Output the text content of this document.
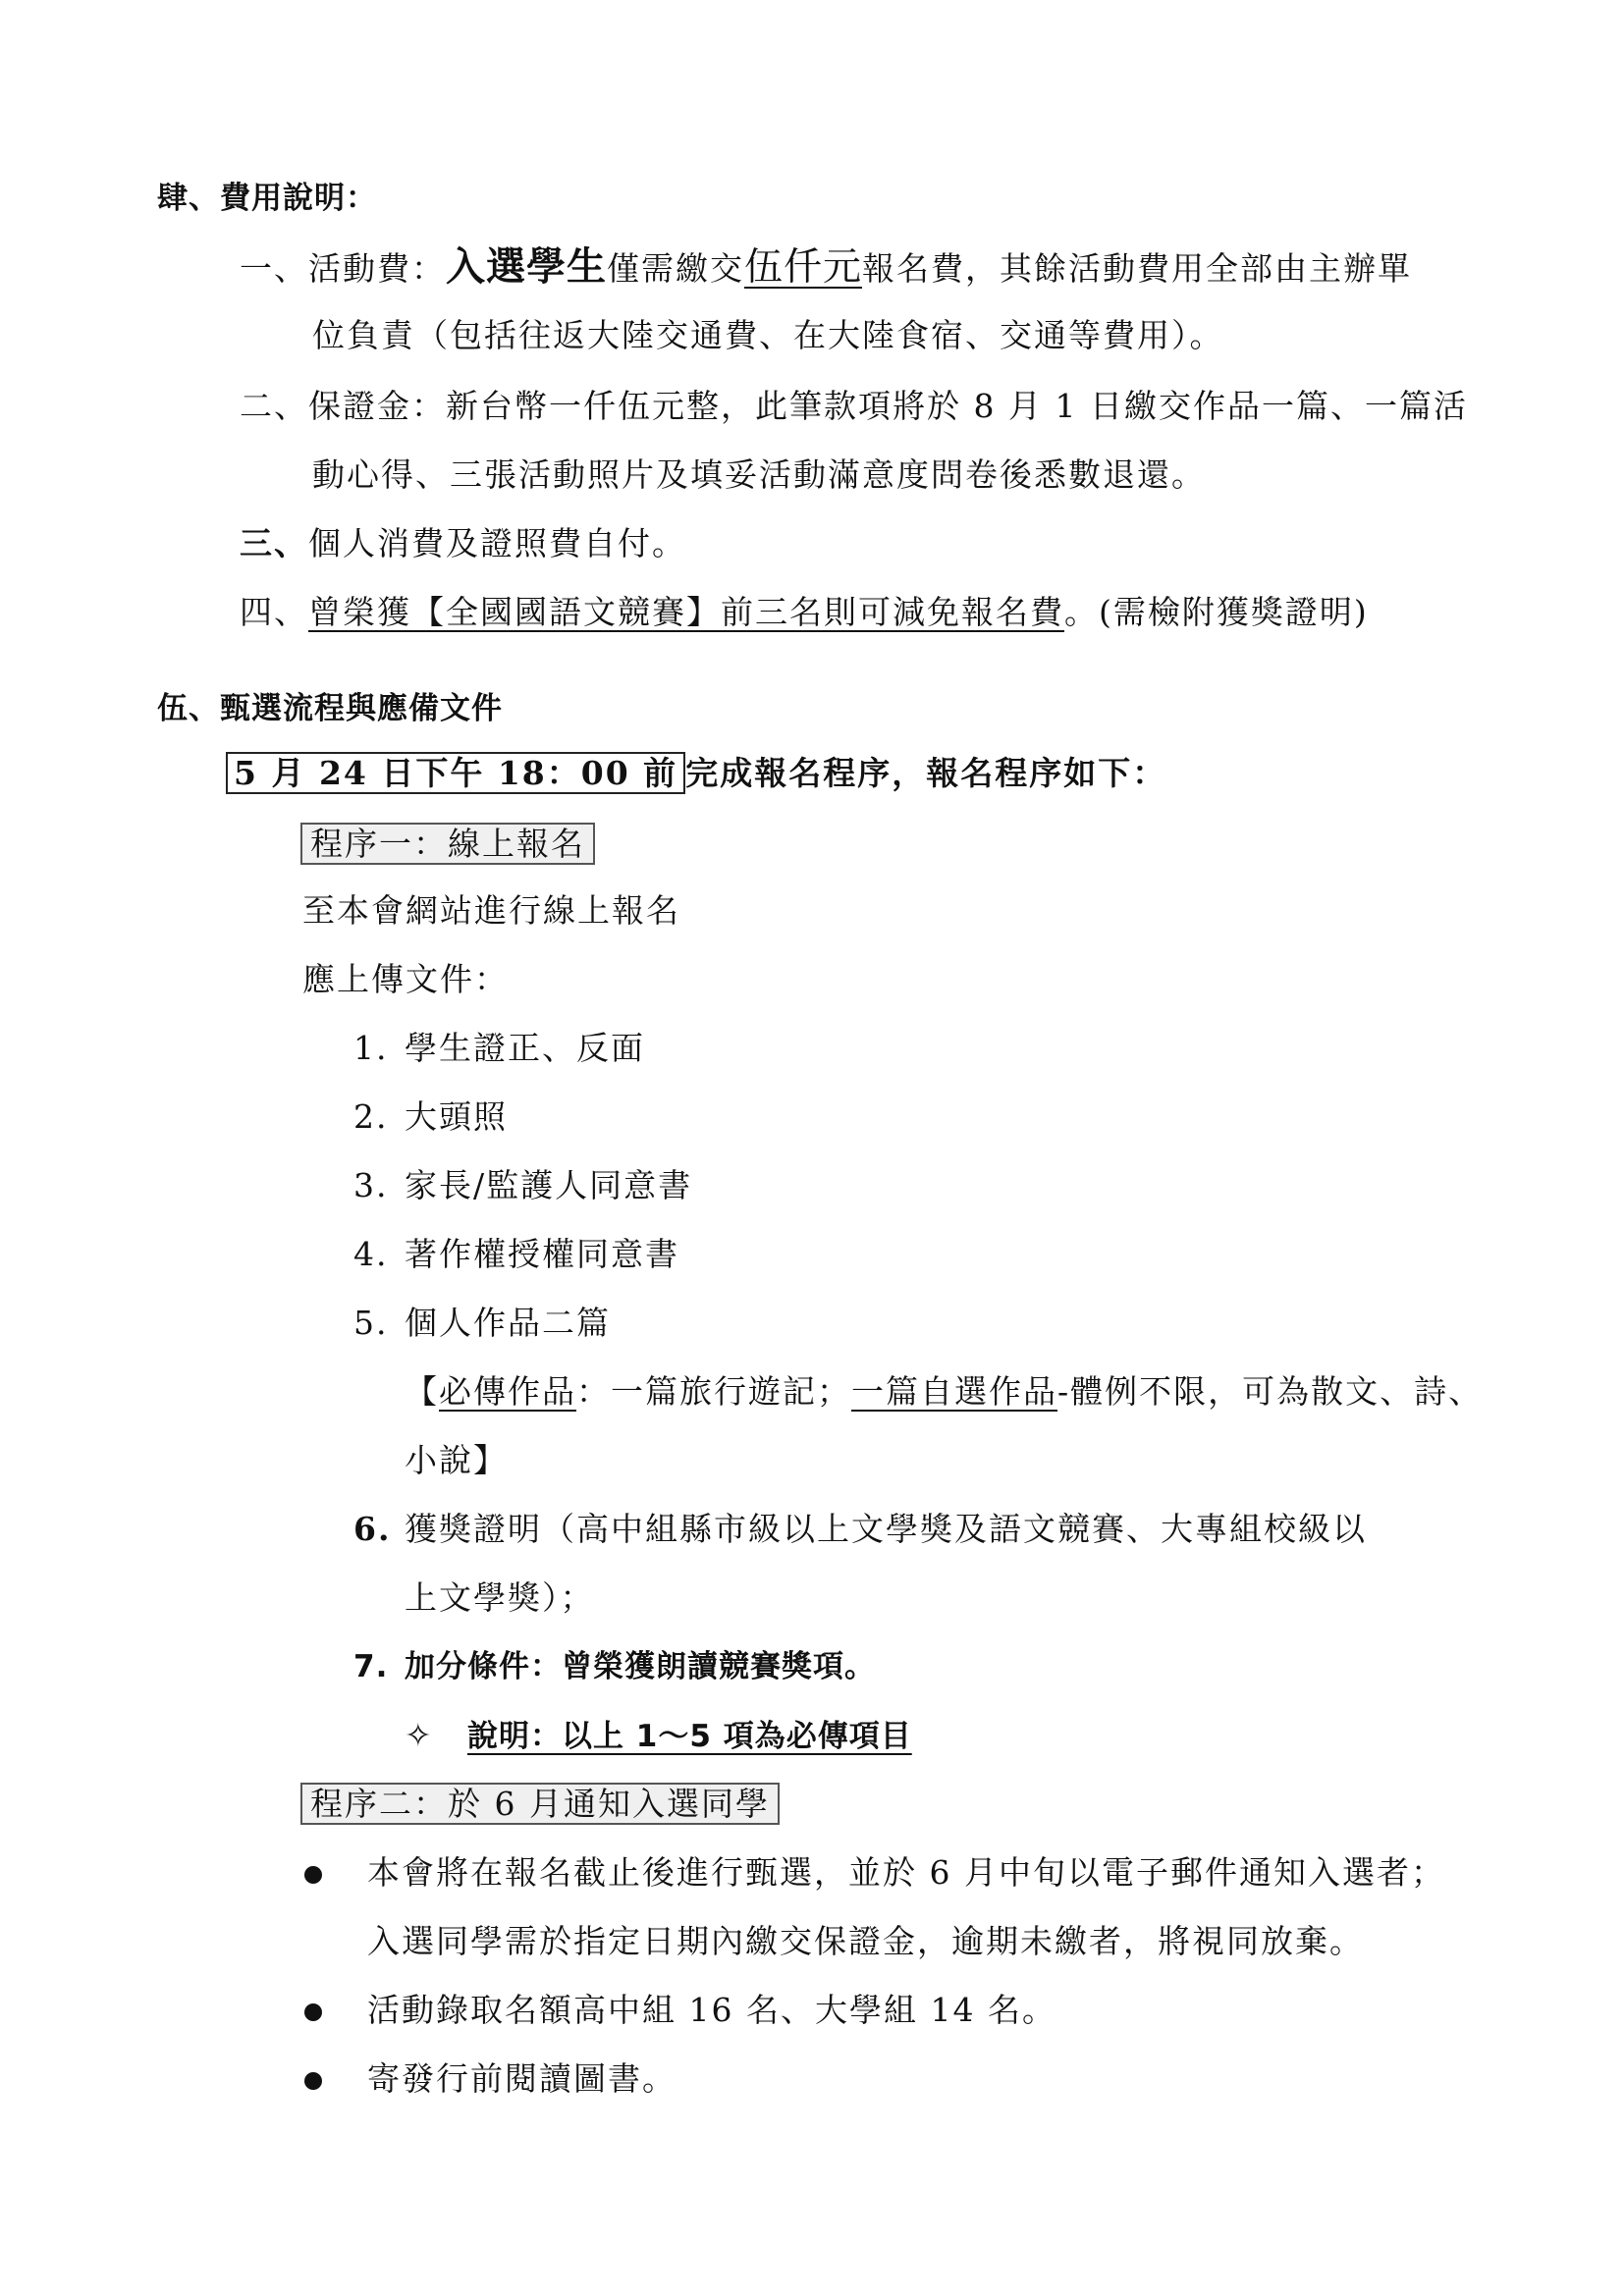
肆、費用說明：
一、活動費：入選學生僅需繳交伍仟元報名費，其餘活動費用全部由主辦單
位負責（包括往返大陸交通費、在大陸食宿、交通等費用）。
二、保證金：新台幣一仟伍元整，此筆款項將於 8 月 1 日繳交作品一篇、一篇活
動心得、三張活動照片及填妥活動滿意度問卷後悉數退還。
三、個人消費及證照費自付。
四、曾榮獲【全國國語文競賽】前三名則可減免報名費。(需檢附獲獎證明)
伍、甄選流程與應備文件
5 月 24 日下午 18：00 前 完成報名程序，報名程序如下：
程序一：線上報名
至本會網站進行線上報名
應上傳文件：
1. 學生證正、反面
2. 大頭照
3. 家長/監護人同意書
4. 著作權授權同意書
5. 個人作品二篇
【必傳作品：一篇旅行遊記；一篇自選作品-體例不限，可為散文、詩、
小說】
6. 獲獎證明（高中組縣市級以上文學獎及語文競賽、大專組校級以
上文學獎）；
7. 加分條件：曾榮獲朗讀競賽獎項。
✧ 說明：以上 1～5 項為必傳項目
程序二：於 6 月通知入選同學
本會將在報名截止後進行甄選，並於 6 月中旬以電子郵件通知入選者；
入選同學需於指定日期內繳交保證金，逾期未繳者，將視同放棄。
活動錄取名額高中組 16 名、大學組 14 名。
寄發行前閱讀圖書。
